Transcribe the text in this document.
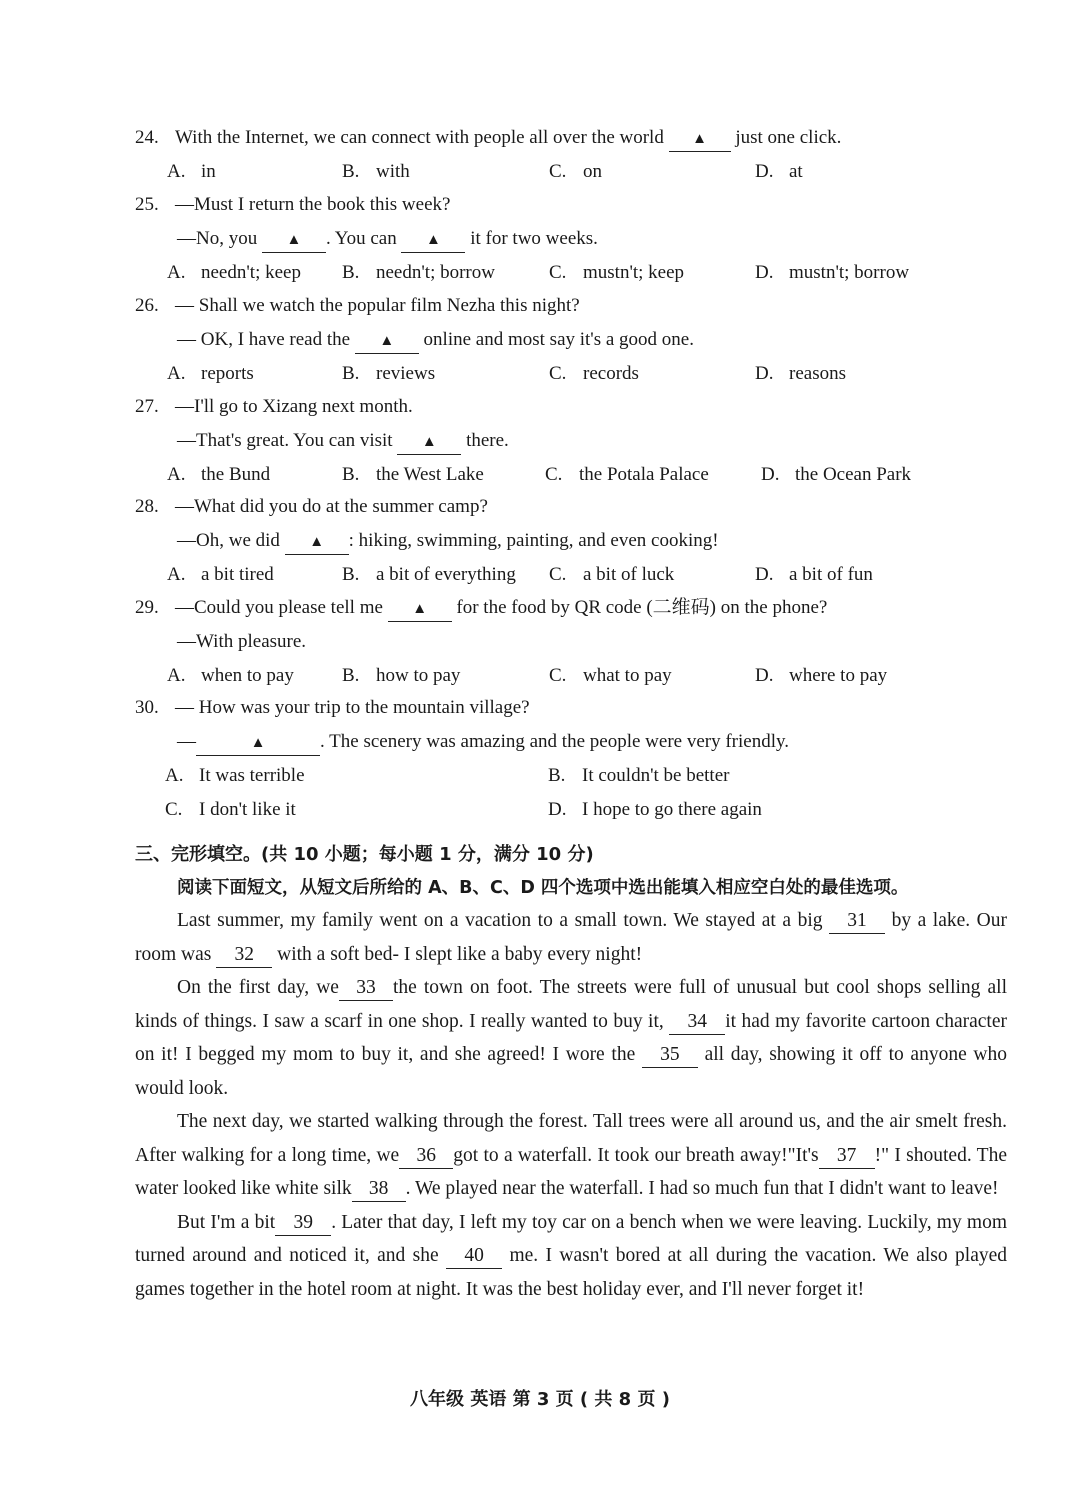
24. With the Internet, we can connect with people all over the world ▲ just one click.
A. in	B. with	C. on	D. at
25. —Must I return the book this week?
—No, you ▲ . You can ▲ it for two weeks.
A. needn't; keep B. needn't; borrow	C. mustn't; keep	D. mustn't; borrow
26. — Shall we watch the popular film Nezha this night?
— OK, I have read the ▲ online and most say it's a good one.
A. reports	B. reviews	C. records	D. reasons
27. —I'll go to Xizang next month.
—That's great. You can visit ▲ there.
A. the Bund	B. the West Lake	C. the Potala Palace	D. the Ocean Park
28. —What did you do at the summer camp?
—Oh, we did ▲ : hiking, swimming, painting, and even cooking!
A. a bit tired	B. a bit of everything C. a bit of luck	D. a bit of fun
29. —Could you please tell me ▲ for the food by QR code (二维码) on the phone?
—With pleasure.
A. when to pay	B. how to pay	C. what to pay	D. where to pay
30. — How was your trip to the mountain village?
—	▲	. The scenery was amazing and the people were very friendly.
A. It was terrible	B. It couldn't be better
C. I don't like it	D. I hope to go there again
三、完形填空。(共 10 小题；每小题 1 分，满分 10 分)
阅读下面短文，从短文后所给的 A、B、C、D 四个选项中选出能填入相应空白处的最佳选项。

Last summer, my family went on a vacation to a small town. We stayed at a big 31 by a lake. Our room was 32 with a soft bed- I slept like a baby every night!

On the first day, we 33 the town on foot. The streets were full of unusual but cool shops selling all kinds of things. I saw a scarf in one shop. I really wanted to buy it, 34 it had my favorite cartoon character on it! I begged my mom to buy it, and she agreed! I wore the 35 all day, showing it off to anyone who would look.

The next day, we started walking through the forest. Tall trees were all around us, and the air smelt fresh. After walking for a long time, we 36 got to a waterfall. It took our breath away!"It's 37 !" I shouted. The water looked like white silk 38 . We played near the waterfall. I had so much fun that I didn't want to leave!

But I'm a bit 39 . Later that day, I left my toy car on a bench when we were leaving. Luckily, my mom turned around and noticed it, and she 40 me. I wasn't bored at all during the vacation. We also played games together in the hotel room at night. It was the best holiday ever, and I'll never forget it!

八年级 英语 第 3 页 ( 共 8 页 )
